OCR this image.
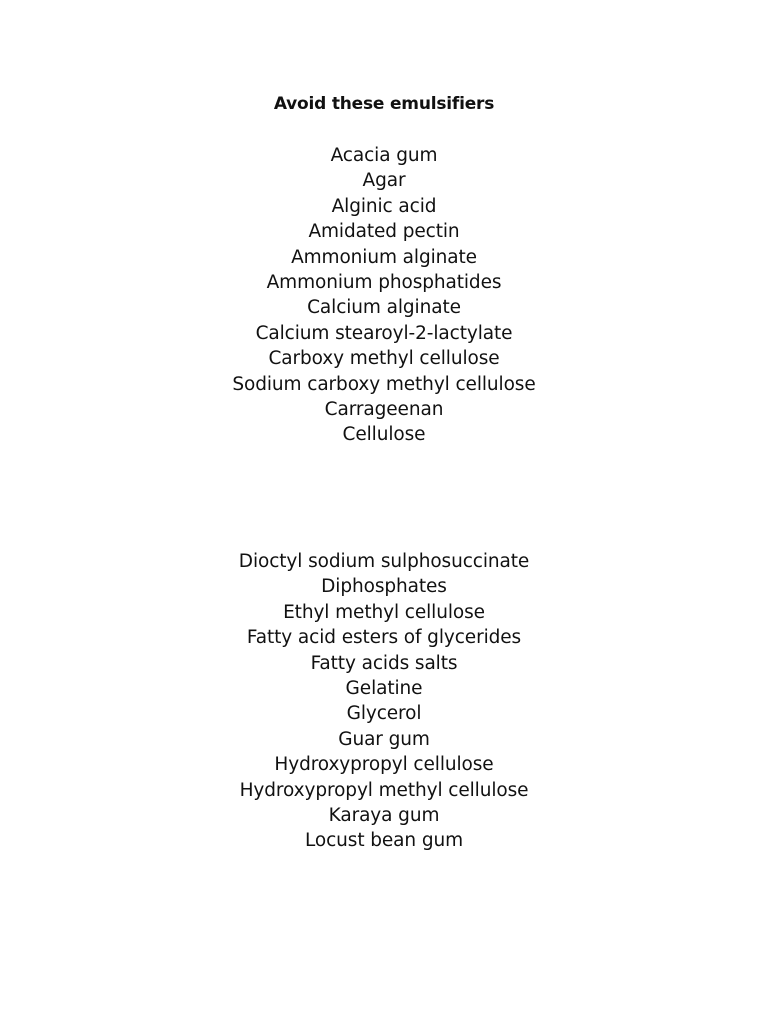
Avoid these emulsifiers
Acacia gum
Agar
Alginic acid
Amidated pectin
Ammonium alginate
Ammonium phosphatides
Calcium alginate
Calcium stearoyl-2-lactylate
Carboxy methyl cellulose
Sodium carboxy methyl cellulose
Carrageenan
Cellulose
Dioctyl sodium sulphosuccinate
Diphosphates
Ethyl methyl cellulose
Fatty acid esters of glycerides
Fatty acids salts
Gelatine
Glycerol
Guar gum
Hydroxypropyl cellulose
Hydroxypropyl methyl cellulose
Karaya gum
Locust bean gum
